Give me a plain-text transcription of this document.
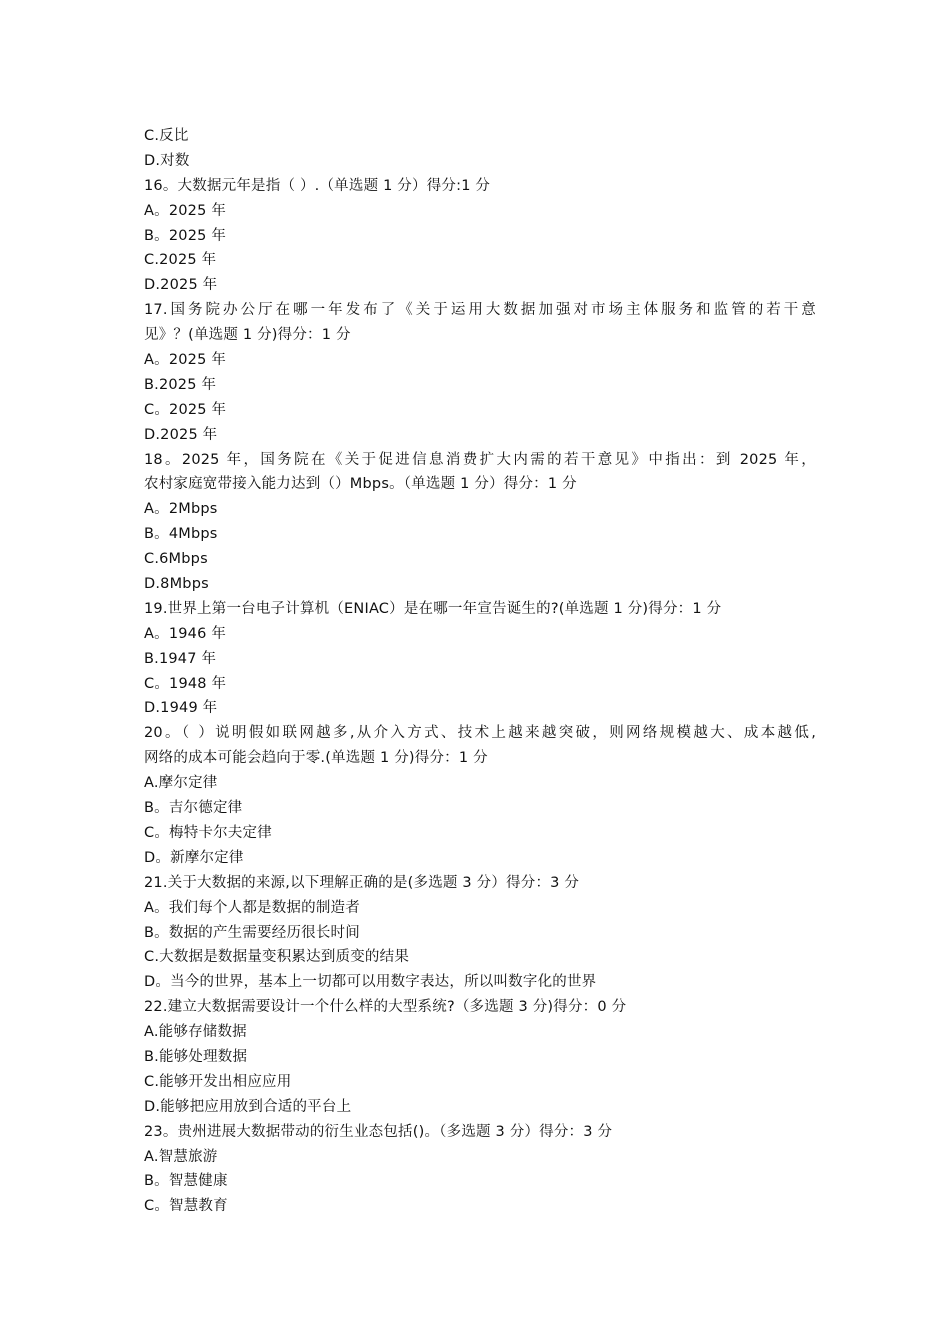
C.反比
D.对数
16。大数据元年是指（ ）.（单选题 1 分）得分:1 分
A。2025 年
B。2025 年
C.2025 年
D.2025 年
17.国务院办公厅在哪一年发布了《关于运用大数据加强对市场主体服务和监管的若干意
见》？(单选题 1 分)得分：1 分
A。2025 年
B.2025 年
C。2025 年
D.2025 年
18。2025 年，国务院在《关于促进信息消费扩大内需的若干意见》中指出：到 2025 年，
农村家庭宽带接入能力达到（）Mbps。（单选题 1 分）得分：1 分
A。2Mbps
B。4Mbps
C.6Mbps
D.8Mbps
19.世界上第一台电子计算机（ENIAC）是在哪一年宣告诞生的?(单选题 1 分)得分：1 分
A。1946 年
B.1947 年
C。1948 年
D.1949 年
20。（ ）说明假如联网越多,从介入方式、技术上越来越突破，则网络规模越大、成本越低,
网络的成本可能会趋向于零.(单选题 1 分)得分：1 分
A.摩尔定律
B。吉尔德定律
C。梅特卡尔夫定律
D。新摩尔定律
21.关于大数据的来源,以下理解正确的是(多选题 3 分）得分：3 分
A。我们每个人都是数据的制造者
B。数据的产生需要经历很长时间
C.大数据是数据量变积累达到质变的结果
D。当今的世界，基本上一切都可以用数字表达，所以叫数字化的世界
22.建立大数据需要设计一个什么样的大型系统?（多选题 3 分)得分：0 分
A.能够存储数据
B.能够处理数据
C.能够开发出相应应用
D.能够把应用放到合适的平台上
23。贵州进展大数据带动的衍生业态包括()。（多选题 3 分）得分：3 分
A.智慧旅游
B。智慧健康
C。智慧教育
